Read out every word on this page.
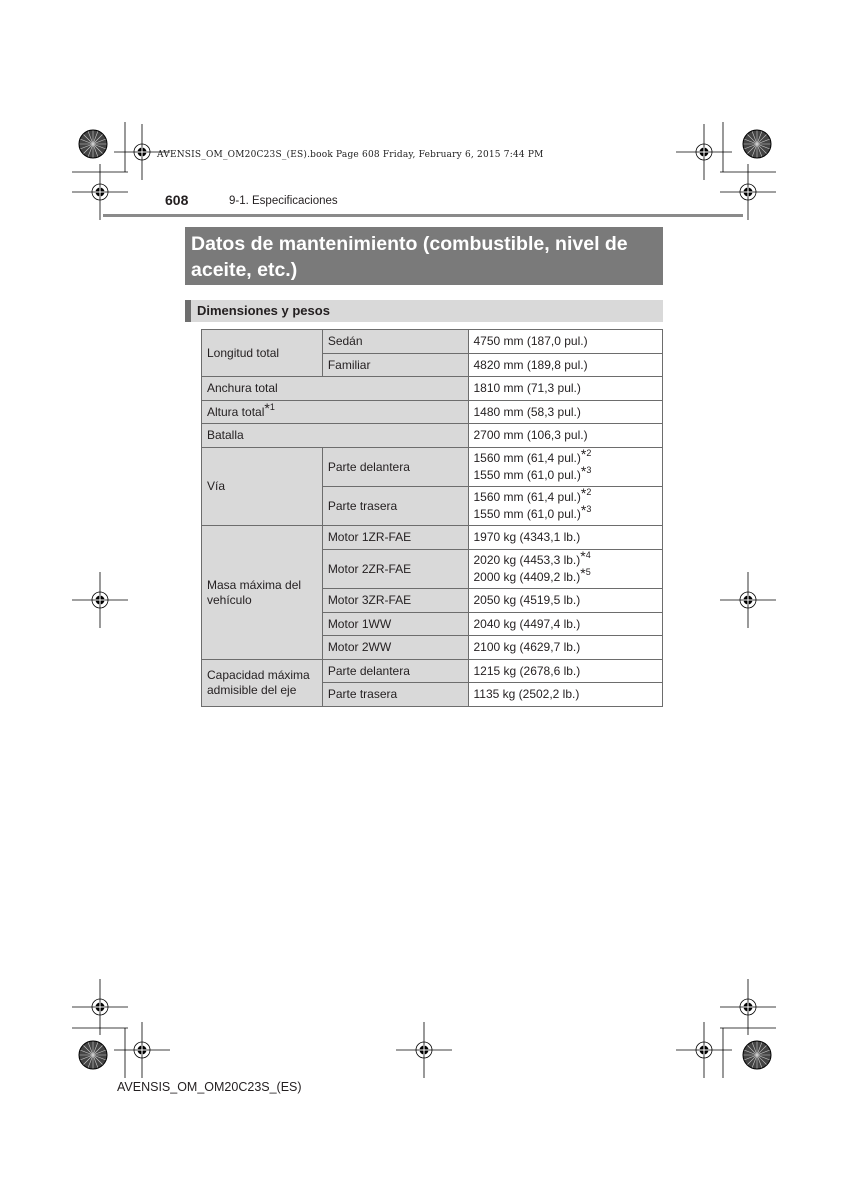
AVENSIS_OM_OM20C23S_(ES).book Page 608 Friday, February 6, 2015 7:44 PM
608	9-1. Especificaciones
Datos de mantenimiento (combustible, nivel de aceite, etc.)
Dimensiones y pesos
Longitud total	Sedán	4750 mm (187,0 pul.)
	Familiar	4820 mm (189,8 pul.)
Anchura total		1810 mm (71,3 pul.)
Altura total*$^1$		1480 mm (58,3 pul.)
Batalla		2700 mm (106,3 pul.)
Vía	Parte delantera	1560 mm (61,4 pul.)*$^2$
1550 mm (61,0 pul.)*$^3$

	Parte trasera	1560 mm (61,4 pul.)*$^2$
1550 mm (61,0 pul.)*$^3$

Masa máxima del
vehículo	Motor 1ZR-FAE	1970 kg (4343,1 lb.)
	Motor 2ZR-FAE	2020 kg (4453,3 lb.)*$^4$
2000 kg (4409,2 lb.)*$^5$

	Motor 3ZR-FAE	2050 kg (4519,5 lb.)
	Motor 1WW	2040 kg (4497,4 lb.)
	Motor 2WW	2100 kg (4629,7 lb.)

Capacidad máxima
admisible del eje	Parte delantera	1215 kg (2678,6 lb.)
	Parte trasera	1135 kg (2502,2 lb.)
AVENSIS_OM_OM20C23S_(ES)
